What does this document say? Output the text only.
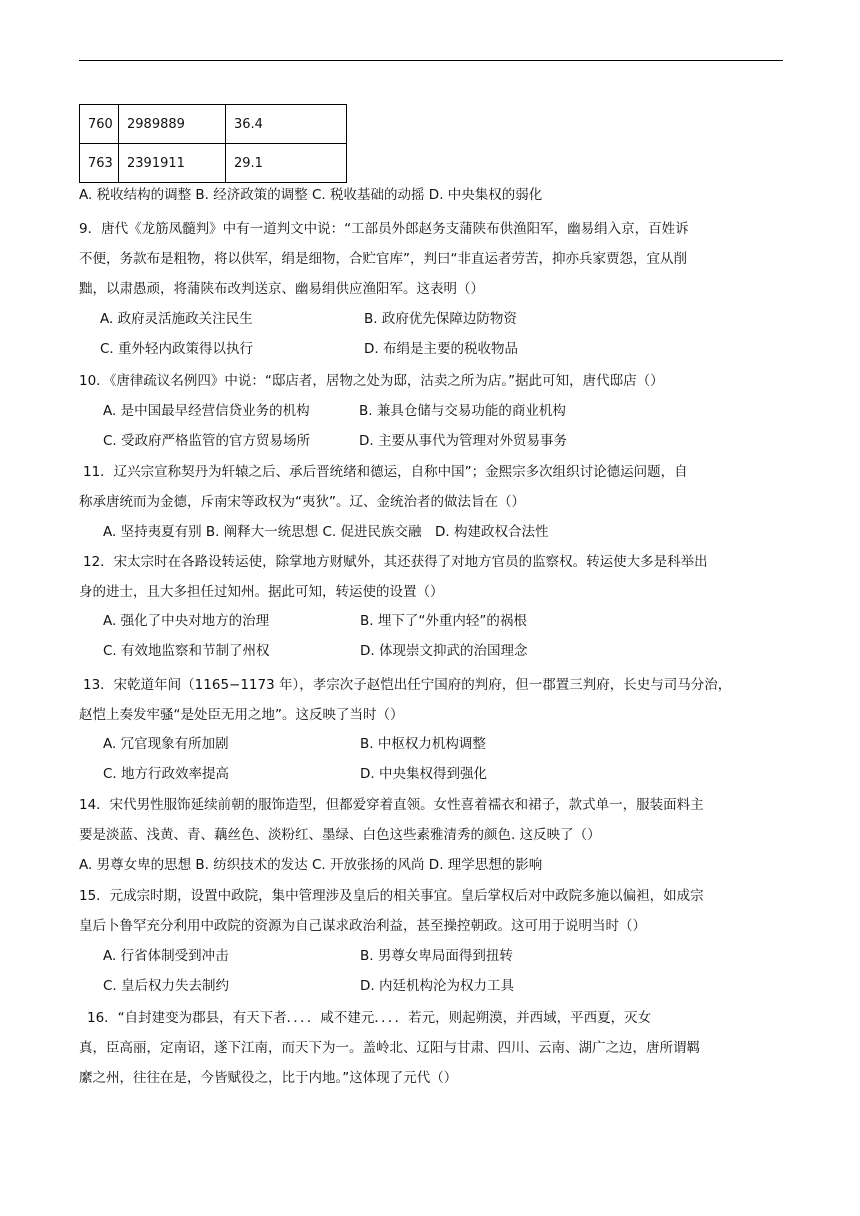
760	2989889	36.4
763	2391911	29.1
A. 税收结构的调整 B. 经济政策的调整 C. 税收基础的动摇 D. 中央集权的弱化
9．唐代《龙筋凤髓判》中有一道判文中说：“工部员外郎赵务支蒲陕布供渔阳军，幽易绢入京，百姓诉
不便，务款布是粗物，将以供军，绢是细物，合贮官库”，判曰“非直运者劳苦，抑亦兵家贾怨，宜从削
黜，以肃愚顽，将蒲陕布改判送京、幽易绢供应渔阳军。这表明（）
A. 政府灵活施政关注民生	B. 政府优先保障边防物资
C. 重外轻内政策得以执行	D. 布绢是主要的税收物品
10．《唐律疏议名例四》中说：“邸店者，居物之处为邸，沽卖之所为店。”据此可知，唐代邸店（）
A. 是中国最早经营信贷业务的机构	B. 兼具仓储与交易功能的商业机构
C. 受政府严格监管的官方贸易场所	D. 主要从事代为管理对外贸易事务
11．辽兴宗宣称契丹为轩辕之后、承后晋统绪和德运，自称中国”；金熙宗多次组织讨论德运问题，自
称承唐统而为金德，斥南宋等政权为“夷狄”。辽、金统治者的做法旨在（）
A. 坚持夷夏有别 B. 阐释大一统思想 C. 促进民族交融　D. 构建政权合法性
12．宋太宗时在各路设转运使，除掌地方财赋外，其还获得了对地方官员的监察权。转运使大多是科举出
身的进士，且大多担任过知州。据此可知，转运使的设置（）
A. 强化了中央对地方的治理	B. 埋下了“外重内轻”的祸根
C. 有效地监察和节制了州权	D. 体现崇文抑武的治国理念
13．宋乾道年间（1165−1173 年），孝宗次子赵恺出任宁国府的判府，但一郡置三判府，长史与司马分治，
赵恺上奏发牢骚“是处臣无用之地”。这反映了当时（）
A. 冗官现象有所加剧	B. 中枢权力机构调整
C. 地方行政效率提高	D. 中央集权得到强化
14．宋代男性服饰延续前朝的服饰造型，但都爱穿着直领。女性喜着襦衣和裙子，款式单一，服装面料主
要是淡蓝、浅黄、青、藕丝色、淡粉红、墨绿、白色这些素雅清秀的颜色. 这反映了（）
A. 男尊女卑的思想 B. 纺织技术的发达 C. 开放张扬的风尚 D. 理学思想的影响
15．元成宗时期，设置中政院，集中管理涉及皇后的相关事宜。皇后掌权后对中政院多施以偏袒，如成宗
皇后卜鲁罕充分利用中政院的资源为自己谋求政治利益，甚至操控朝政。这可用于说明当时（）
A. 行省体制受到冲击	B. 男尊女卑局面得到扭转
C. 皇后权力失去制约	D. 内廷机构沦为权力工具
16．“自封建变为郡县，有天下者．．．．咸不建元．．．．若元，则起朔漠，并西域，平西夏，灭女
真，臣高丽，定南诏，遂下江南，而天下为一。盖岭北、辽阳与甘肃、四川、云南、湖广之边，唐所谓羁
縻之州，往往在是，今皆赋役之，比于内地。”这体现了元代（）
